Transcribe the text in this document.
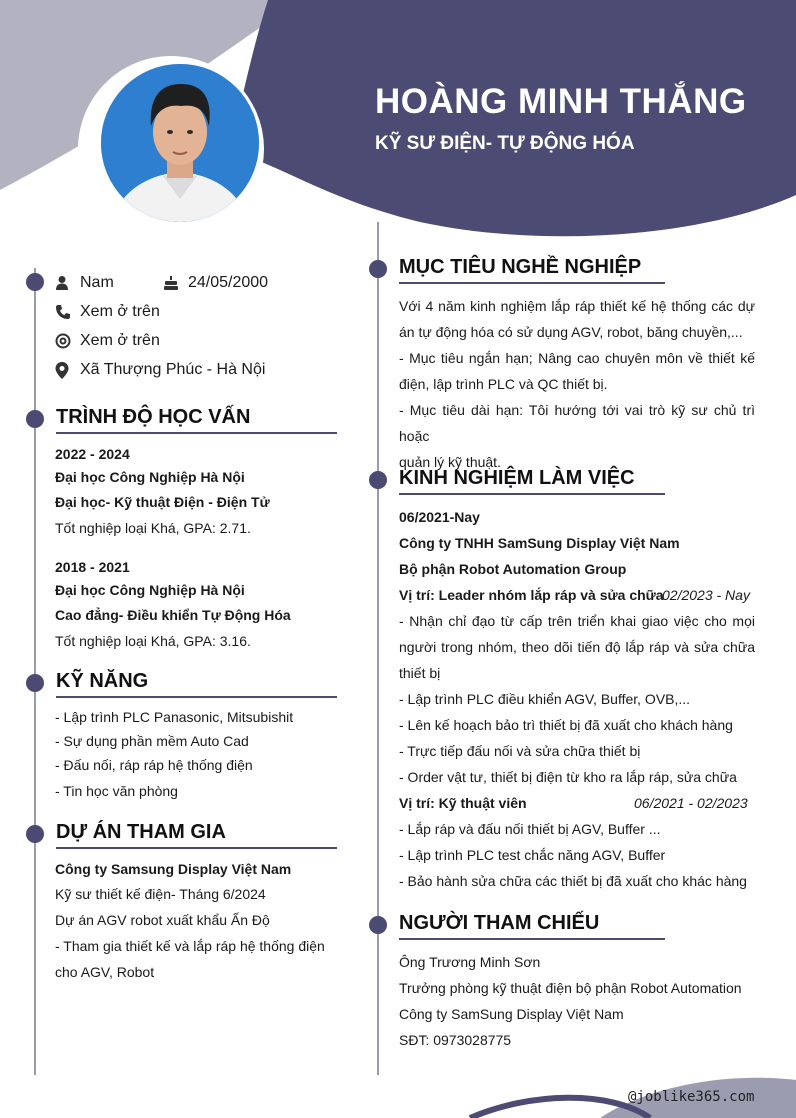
HOÀNG MINH THẮNG
KỸ SƯ ĐIỆN- TỰ ĐỘNG HÓA
Nam	24/05/2000
Xem ở trên
Xem ở trên
Xã Thượng Phúc - Hà Nội
TRÌNH ĐỘ HỌC VẤN
2022 - 2024
Đại học Công Nghiệp Hà Nội
Đại học- Kỹ thuật Điện - Điện Tử
Tốt nghiệp loại Khá, GPA: 2.71.
2018 - 2021
Đại học Công Nghiệp Hà Nội
Cao đẳng- Điều khiển Tự Động Hóa
Tốt nghiệp loại Khá, GPA: 3.16.
KỸ NĂNG
- Lập trình PLC Panasonic, Mitsubishit
- Sự dụng phần mềm Auto Cad
- Đấu nối, ráp ráp hệ thống điện
- Tin học văn phòng
DỰ ÁN THAM GIA
Công ty Samsung Display Việt Nam
Kỹ sư thiết kế điện- Tháng 6/2024
Dự án AGV robot xuất khẩu Ấn Độ
- Tham gia thiết kế và lắp ráp hệ thống điện
cho AGV, Robot
MỤC TIÊU NGHỀ NGHIỆP
Với 4 năm kinh nghiệm lắp ráp thiết kế hệ thống các dự
án tự động hóa có sử dụng AGV, robot, băng chuyền,...
- Mục tiêu ngắn hạn; Nâng cao chuyên môn về thiết kế
điện, lập trình PLC và QC thiết bị.
- Mục tiêu dài hạn: Tôi hướng tới vai trò kỹ sư chủ trì hoặc
quản lý kỹ thuật.
KINH NGHIỆM LÀM VIỆC
06/2021-Nay
Công ty TNHH SamSung Display Việt Nam
Bộ phận Robot Automation Group
Vị trí: Leader nhóm lắp ráp và sửa chữa
02/2023 - Nay
- Nhận chỉ đạo từ cấp trên triển khai giao việc cho mọi
người trong nhóm, theo dõi tiến độ lắp ráp và sửa chữa
thiết bị
- Lập trình PLC điều khiển AGV, Buffer, OVB,...
- Lên kế hoạch bảo trì thiết bị đã xuất cho khách hàng
- Trực tiếp đấu nối và sửa chữa thiết bị
- Order vật tư, thiết bị điện từ kho ra lắp ráp, sửa chữa
Vị trí: Kỹ thuật viên	06/2021 - 02/2023
- Lắp ráp và đấu nối thiết bị AGV, Buffer ...
- Lập trình PLC test chắc năng AGV, Buffer
- Bảo hành sửa chữa các thiết bị đã xuất cho khác hàng
NGƯỜI THAM CHIẾU
Ông Trương Minh Sơn
Trưởng phòng kỹ thuật điện bộ phận Robot Automation
Công ty SamSung Display Việt Nam
SĐT: 0973028775
@joblike365.com
